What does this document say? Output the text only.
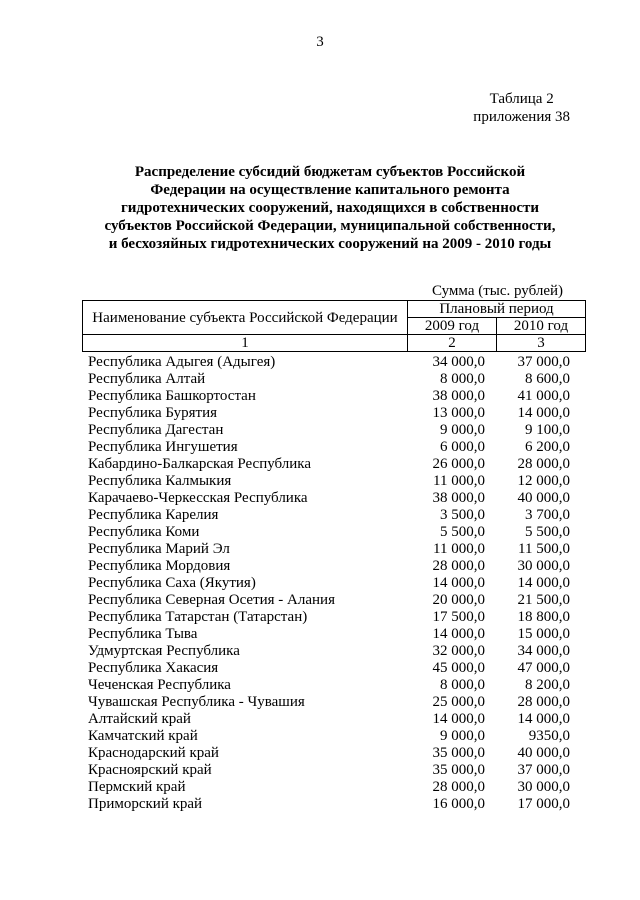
3
Таблица 2
приложения 38
Распределение субсидий бюджетам субъектов Российской
Федерации на осуществление капитального ремонта
гидротехнических сооружений, находящихся в собственности
субъектов Российской Федерации, муниципальной собственности,
и бесхозяйных гидротехнических сооружений на 2009 - 2010 годы
Сумма (тыс. рублей)
Наименование субъекта Российской Федерации	Плановый период	
	2009 год	2010 год
1	2	3
Республика Адыгея (Адыгея)	34 000,0	37 000,0
Республика Алтай	8 000,0	8 600,0
Республика Башкортостан	38 000,0	41 000,0
Республика Бурятия	13 000,0	14 000,0
Республика Дагестан	9 000,0	9 100,0
Республика Ингушетия	6 000,0	6 200,0
Кабардино-Балкарская Республика	26 000,0	28 000,0
Республика Калмыкия	11 000,0	12 000,0
Карачаево-Черкесская Республика	38 000,0	40 000,0
Республика Карелия	3 500,0	3 700,0
Республика Коми	5 500,0	5 500,0
Республика Марий Эл	11 000,0	11 500,0
Республика Мордовия	28 000,0	30 000,0
Республика Саха (Якутия)	14 000,0	14 000,0
Республика Северная Осетия - Алания	20 000,0	21 500,0
Республика Татарстан (Татарстан)	17 500,0	18 800,0
Республика Тыва	14 000,0	15 000,0
Удмуртская Республика	32 000,0	34 000,0
Республика Хакасия	45 000,0	47 000,0
Чеченская Республика	8 000,0	8 200,0
Чувашская Республика - Чувашия	25 000,0	28 000,0
Алтайский край	14 000,0	14 000,0
Камчатский край	9 000,0	9350,0
Краснодарский край	35 000,0	40 000,0
Красноярский край	35 000,0	37 000,0
Пермский край	28 000,0	30 000,0
Приморский край	16 000,0	17 000,0
